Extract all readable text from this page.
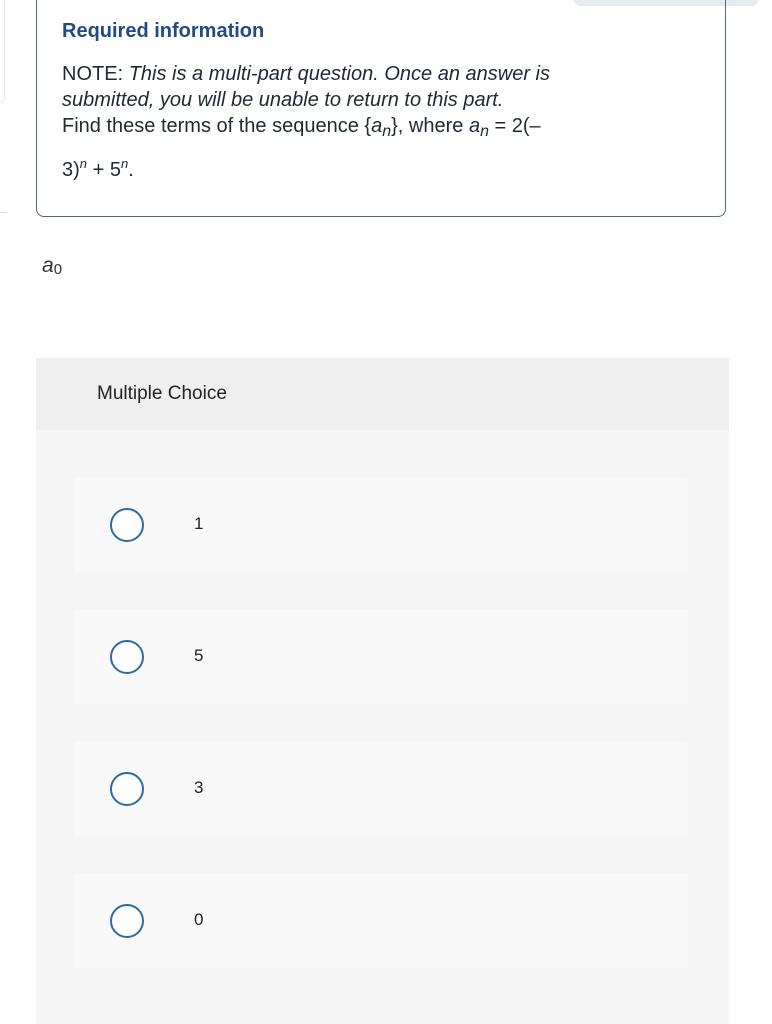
Required information
NOTE: This is a multi-part question. Once an answer is submitted, you will be unable to return to this part.
Find these terms of the sequence $\{a_n\}$, where $a_n = 2(-$
$3)^n + 5^n$.
$a_0$
Multiple Choice
1
5
3
0
